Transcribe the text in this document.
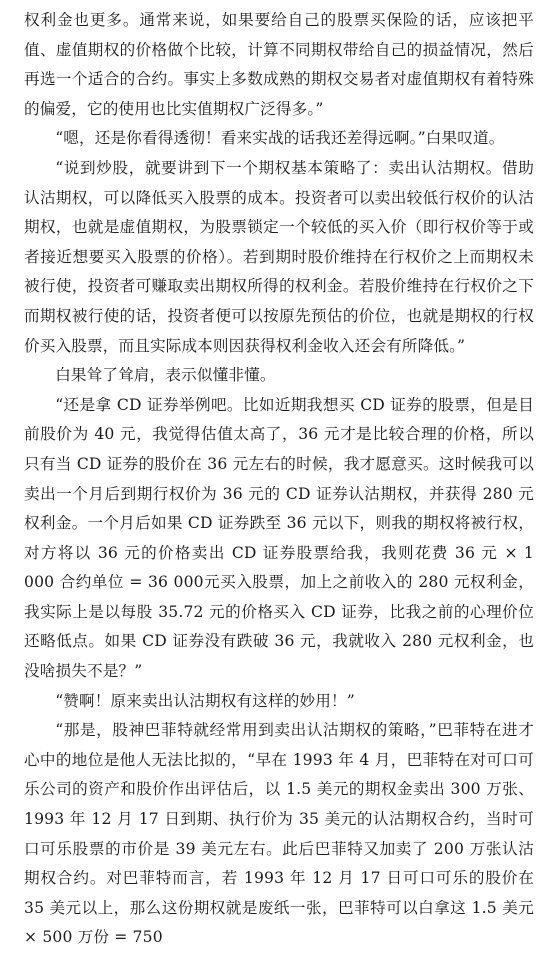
权利金也更多。通常来说，如果要给自己的股票买保险的话，应该把平值、虚值期权的价格做个比较，计算不同期权带给自己的损益情况，然后再选一个适合的合约。事实上多数成熟的期权交易者对虚值期权有着特殊的偏爱，它的使用也比实值期权广泛得多。”

“嗯，还是你看得透彻！看来实战的话我还差得远啊。”白果叹道。

“说到炒股，就要讲到下一个期权基本策略了：卖出认沽期权。借助认沽期权，可以降低买入股票的成本。投资者可以卖出较低行权价的认沽期权，也就是虚值期权，为股票锁定一个较低的买入价（即行权价等于或者接近想要买入股票的价格）。若到期时股价维持在行权价之上而期权未被行使，投资者可赚取卖出期权所得的权利金。若股价维持在行权价之下而期权被行使的话，投资者便可以按原先预估的价位，也就是期权的行权价买入股票，而且实际成本则因获得权利金收入还会有所降低。”

白果耸了耸肩，表示似懂非懂。

“还是拿 CD 证券举例吧。比如近期我想买 CD 证券的股票，但是目前股价为 40 元，我觉得估值太高了，36 元才是比较合理的价格，所以只有当 CD 证券的股价在 36 元左右的时候，我才愿意买。这时候我可以卖出一个月后到期行权价为 36 元的 CD 证券认沽期权，并获得 280 元权利金。一个月后如果 CD 证券跌至 36 元以下，则我的期权将被行权，对方将以 36 元的价格卖出 CD 证券股票给我，我则花费 36 元 × 1 000 合约单位 = 36 000元买入股票，加上之前收入的 280 元权利金，我实际上是以每股 35.72 元的价格买入 CD 证券，比我之前的心理价位还略低点。如果 CD 证券没有跌破 36 元，我就收入 280 元权利金，也没啥损失不是？”

“赞啊！原来卖出认沽期权有这样的妙用！”

“那是，股神巴菲特就经常用到卖出认沽期权的策略，”巴菲特在进才心中的地位是他人无法比拟的，“早在 1993 年 4 月，巴菲特在对可口可乐公司的资产和股价作出评估后，以 1.5 美元的期权金卖出 300 万张、1993 年 12 月 17 日到期、执行价为 35 美元的认沽期权合约，当时可口可乐股票的市价是 39 美元左右。此后巴菲特又加卖了 200 万张认沽期权合约。对巴菲特而言，若 1993 年 12 月 17 日可口可乐的股价在 35 美元以上，那么这份期权就是废纸一张，巴菲特可以白拿这 1.5 美元 × 500 万份 = 750
